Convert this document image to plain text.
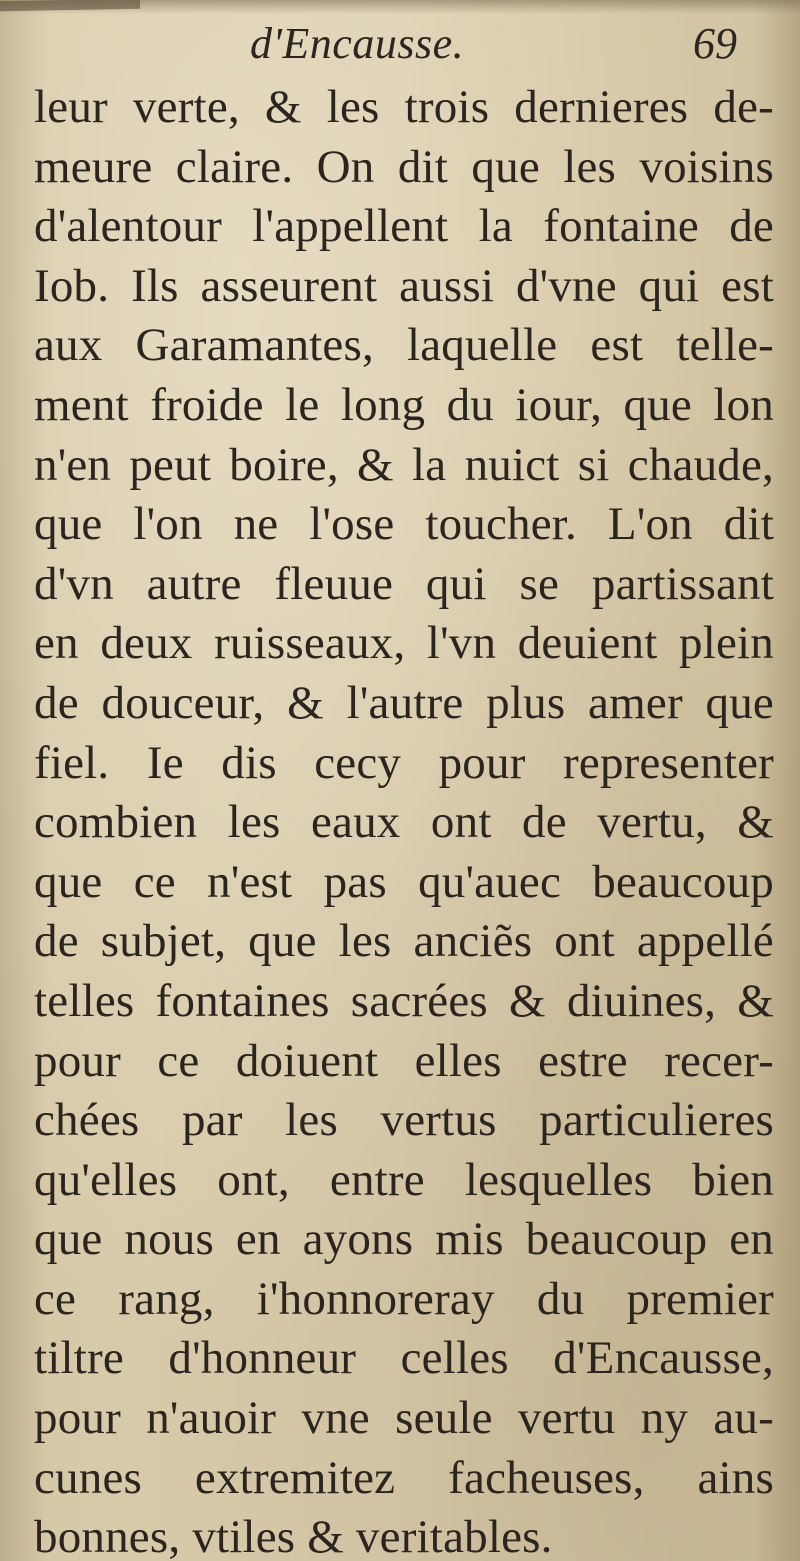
d'Encausse.	69
leur verte, & les trois dernieres de-
meure claire. On dit que les voisins
d'alentour l'appellent la fontaine de
Iob. Ils asseurent aussi d'vne qui est
aux Garamantes, laquelle est telle-
ment froide le long du iour, que lon
n'en peut boire, & la nuict si chaude,
que l'on ne l'ose toucher. L'on dit
d'vn autre fleuue qui se partissant
en deux ruisseaux, l'vn deuient plein
de douceur, & l'autre plus amer que
fiel. Ie dis cecy pour representer
combien les eaux ont de vertu, &
que ce n'est pas qu'auec beaucoup
de subjet, que les anciẽs ont appellé
telles fontaines sacrées & diuines, &
pour ce doiuent elles estre recer-
chées par les vertus particulieres
qu'elles ont, entre lesquelles bien
que nous en ayons mis beaucoup en
ce rang, i'honnoreray du premier
tiltre d'honneur celles d'Encausse,
pour n'auoir vne seule vertu ny au-
cunes extremitez facheuses, ains
bonnes, vtiles & veritables.
